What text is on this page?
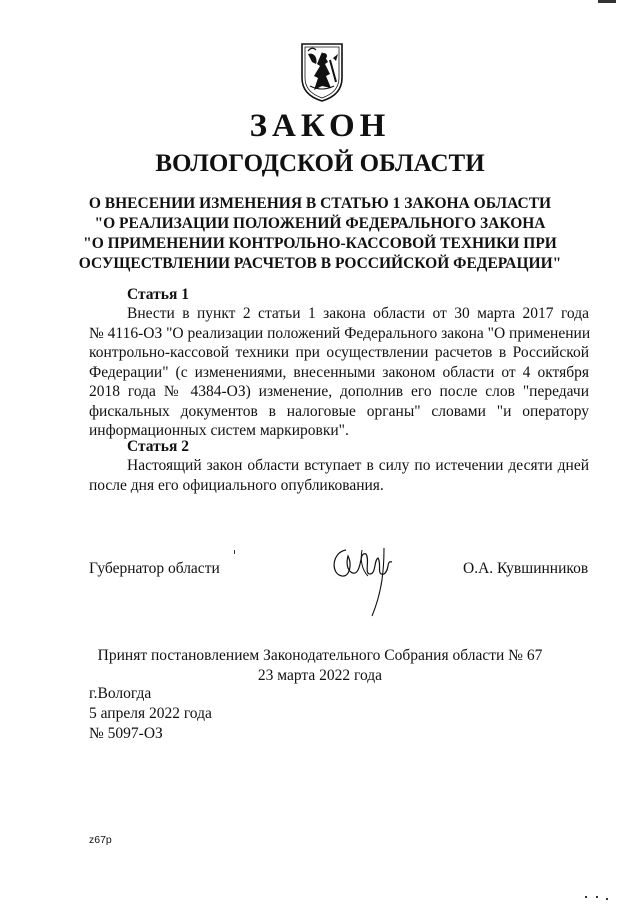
ЗАКОН
ВОЛОГОДСКОЙ ОБЛАСТИ
О ВНЕСЕНИИ ИЗМЕНЕНИЯ В СТАТЬЮ 1 ЗАКОНА ОБЛАСТИ
"О РЕАЛИЗАЦИИ ПОЛОЖЕНИЙ ФЕДЕРАЛЬНОГО ЗАКОНА
"О ПРИМЕНЕНИИ КОНТРОЛЬНО-КАССОВОЙ ТЕХНИКИ ПРИ
ОСУЩЕСТВЛЕНИИ РАСЧЕТОВ В РОССИЙСКОЙ ФЕДЕРАЦИИ"
Статья 1
Внести в пункт 2 статьи 1 закона области от 30 марта 2017 года
№ 4116-ОЗ "О реализации положений Федерального закона "О применении
контрольно-кассовой техники при осуществлении расчетов в Российской
Федерации" (с изменениями, внесенными законом области от 4 октября
2018 года № 4384-ОЗ) изменение, дополнив его после слов "передачи
фискальных документов в налоговые органы" словами "и оператору
информационных систем маркировки".
Статья 2
Настоящий закон области вступает в силу по истечении десяти дней
после дня его официального опубликования.
Губернатор области	О.А. Кувшинников
Принят постановлением Законодательного Собрания области № 67
23 марта 2022 года
г.Вологда
5 апреля 2022 года
№ 5097-ОЗ
z67p
